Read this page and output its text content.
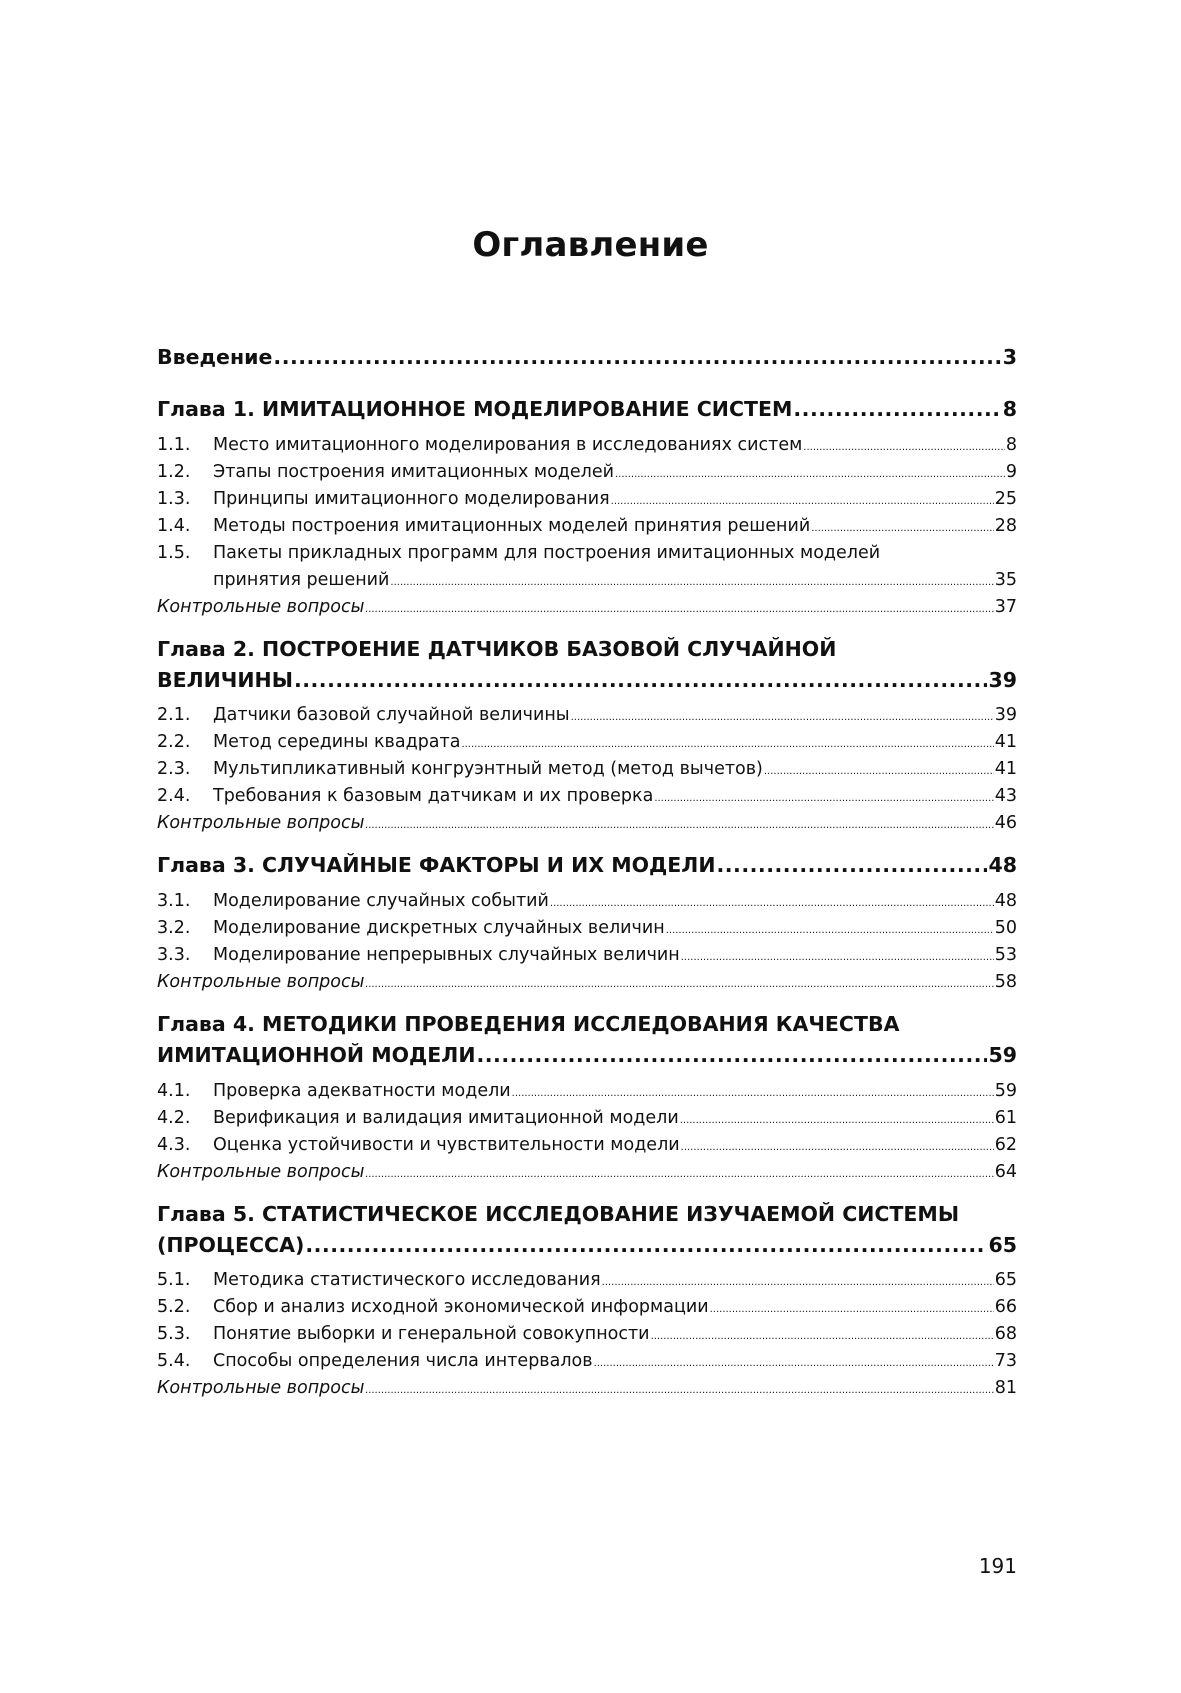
Оглавление
Введение .....	3
Глава 1. ИМИТАЦИОННОЕ МОДЕЛИРОВАНИЕ СИСТЕМ .....	8
1.1.	Место имитационного моделирования в исследованиях систем .....	8
1.2.	Этапы построения имитационных моделей .....	9
1.3.	Принципы имитационного моделирования .....	25
1.4.	Методы построения имитационных моделей принятия решений .....	28
1.5. Пакеты прикладных программ для построения имитационных моделей
принятия решений .....	35
Контрольные вопросы .....	37
Глава 2. ПОСТРОЕНИЕ ДАТЧИКОВ БАЗОВОЙ СЛУЧАЙНОЙ
ВЕЛИЧИНЫ .....	39
2.1.	Датчики базовой случайной величины .....	39
2.2.	Метод середины квадрата .....	41
2.3.	Мультипликативный конгруэнтный метод (метод вычетов) .....	41
2.4.	Требования к базовым датчикам и их проверка .....	43
Контрольные вопросы .....	46
Глава 3. СЛУЧАЙНЫЕ ФАКТОРЫ И ИХ МОДЕЛИ .....	48
3.1.	Моделирование случайных событий .....	48
3.2.	Моделирование дискретных случайных величин .....	50
3.3.	Моделирование непрерывных случайных величин .....	53
Контрольные вопросы .....	58
Глава 4. МЕТОДИКИ ПРОВЕДЕНИЯ ИССЛЕДОВАНИЯ КАЧЕСТВА
ИМИТАЦИОННОЙ МОДЕЛИ .....	59
4.1.	Проверка адекватности модели .....	59
4.2.	Верификация и валидация имитационной модели .....	61
4.3.	Оценка устойчивости и чувствительности модели .....	62
Контрольные вопросы .....	64
Глава 5. СТАТИСТИЧЕСКОЕ ИССЛЕДОВАНИЕ ИЗУЧАЕМОЙ СИСТЕМЫ
(ПРОЦЕССА) .....	65
5.1.	Методика статистического исследования .....	65
5.2.	Сбор и анализ исходной экономической информации .....	66
5.3.	Понятие выборки и генеральной совокупности .....	68
5.4.	Способы определения числа интервалов .....	73
Контрольные вопросы .....	81
191
